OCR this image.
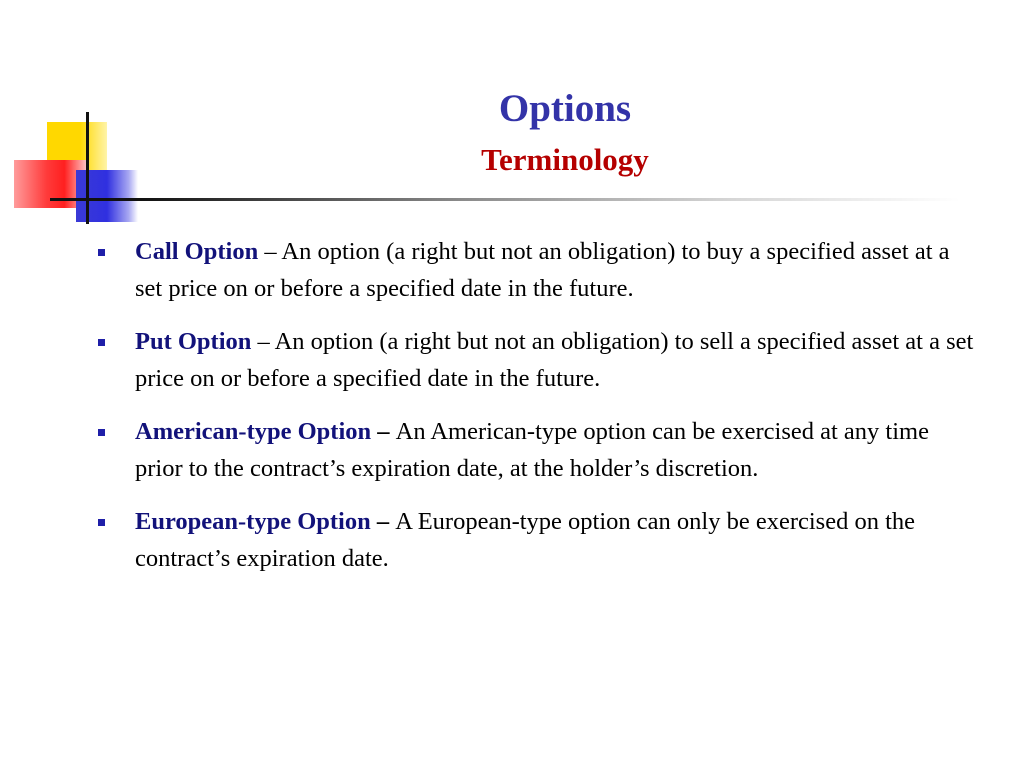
Options
Terminology
Call Option – An option (a right but not an obligation) to buy a specified asset at a set price on or before a specified date in the future.
Put Option – An option (a right but not an obligation) to sell a specified asset at a set price on or before a specified date in the future.
American-type Option – An American-type option can be exercised at any time prior to the contract’s expiration date, at the holder’s discretion.
European-type Option – A European-type option can only be exercised on the contract’s expiration date.
